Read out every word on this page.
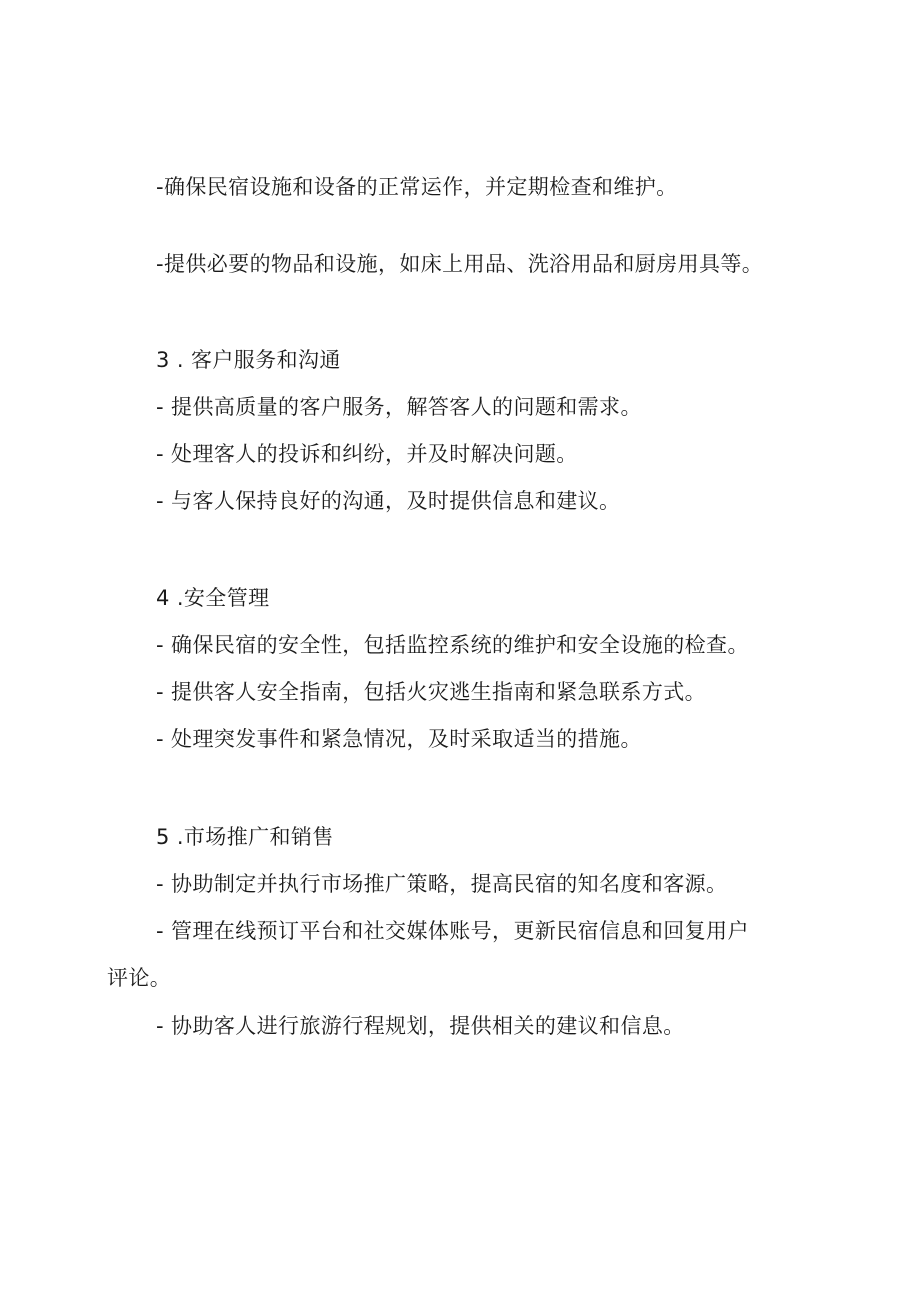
-确保民宿设施和设备的正常运作，并定期检查和维护。
-提供必要的物品和设施，如床上用品、洗浴用品和厨房用具等。
3 . 客户服务和沟通
- 提供高质量的客户服务，解答客人的问题和需求。
- 处理客人的投诉和纠纷，并及时解决问题。
- 与客人保持良好的沟通，及时提供信息和建议。
4 .安全管理
- 确保民宿的安全性，包括监控系统的维护和安全设施的检查。
- 提供客人安全指南，包括火灾逃生指南和紧急联系方式。
- 处理突发事件和紧急情况，及时采取适当的措施。
5 .市场推广和销售
- 协助制定并执行市场推广策略，提高民宿的知名度和客源。
- 管理在线预订平台和社交媒体账号，更新民宿信息和回复用户
评论。
- 协助客人进行旅游行程规划，提供相关的建议和信息。
